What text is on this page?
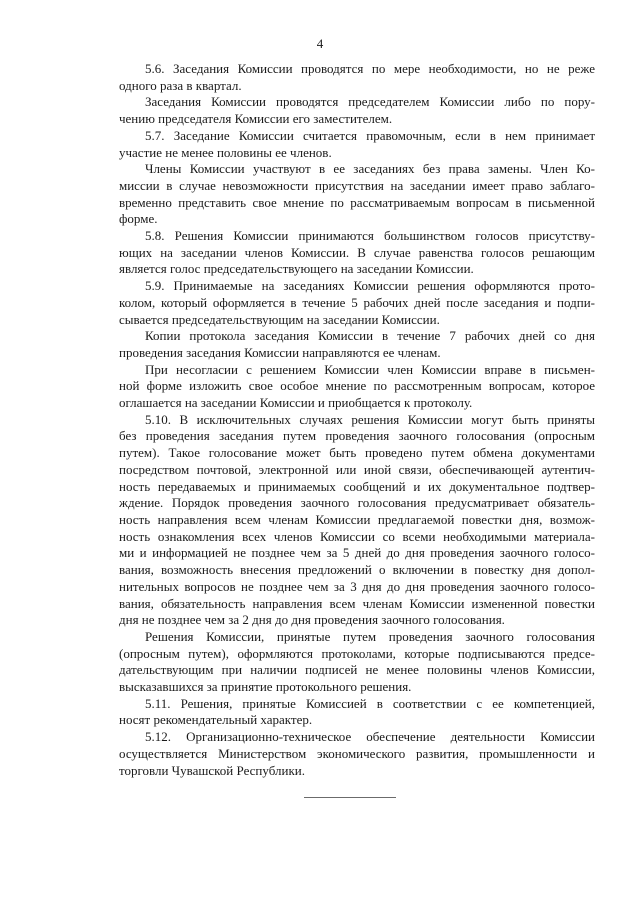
4

5.6. Заседания Комиссии проводятся по мере необходимости, но не реже
одного раза в квартал.

Заседания Комиссии проводятся председателем Комиссии либо по пору-
чению председателя Комиссии его заместителем.

5.7. Заседание Комиссии считается правомочным, если в нем принимает
участие не менее половины ее членов.

Члены Комиссии участвуют в ее заседаниях без права замены. Член Ко-
миссии в случае невозможности присутствия на заседании имеет право заблаго-
временно представить свое мнение по рассматриваемым вопросам в письменной
форме.

5.8. Решения Комиссии принимаются большинством голосов присутству-
ющих на заседании членов Комиссии. В случае равенства голосов решающим
является голос председательствующего на заседании Комиссии.

5.9. Принимаемые на заседаниях Комиссии решения оформляются прото-
колом, который оформляется в течение 5 рабочих дней после заседания и подпи-
сывается председательствующим на заседании Комиссии.

Копии протокола заседания Комиссии в течение 7 рабочих дней со дня
проведения заседания Комиссии направляются ее членам.

При несогласии с решением Комиссии член Комиссии вправе в письмен-
ной форме изложить свое особое мнение по рассмотренным вопросам, которое
оглашается на заседании Комиссии и приобщается к протоколу.

5.10. В исключительных случаях решения Комиссии могут быть приняты
без проведения заседания путем проведения заочного голосования (опросным
путем). Такое голосование может быть проведено путем обмена документами
посредством почтовой, электронной или иной связи, обеспечивающей аутентич-
ность передаваемых и принимаемых сообщений и их документальное подтвер-
ждение. Порядок проведения заочного голосования предусматривает обязатель-
ность направления всем членам Комиссии предлагаемой повестки дня, возмож-
ность ознакомления всех членов Комиссии со всеми необходимыми материала-
ми и информацией не позднее чем за 5 дней до дня проведения заочного голосо-
вания, возможность внесения предложений о включении в повестку дня допол-
нительных вопросов не позднее чем за 3 дня до дня проведения заочного голосо-
вания, обязательность направления всем членам Комиссии измененной повестки
дня не позднее чем за 2 дня до дня проведения заочного голосования.

Решения Комиссии, принятые путем проведения заочного голосования
(опросным путем), оформляются протоколами, которые подписываются предсе-
дательствующим при наличии подписей не менее половины членов Комиссии,
высказавшихся за принятие протокольного решения.

5.11. Решения, принятые Комиссией в соответствии с ее компетенцией,
носят рекомендательный характер.

5.12. Организационно-техническое обеспечение деятельности Комиссии
осуществляется Министерством экономического развития, промышленности и
торговли Чувашской Республики.
